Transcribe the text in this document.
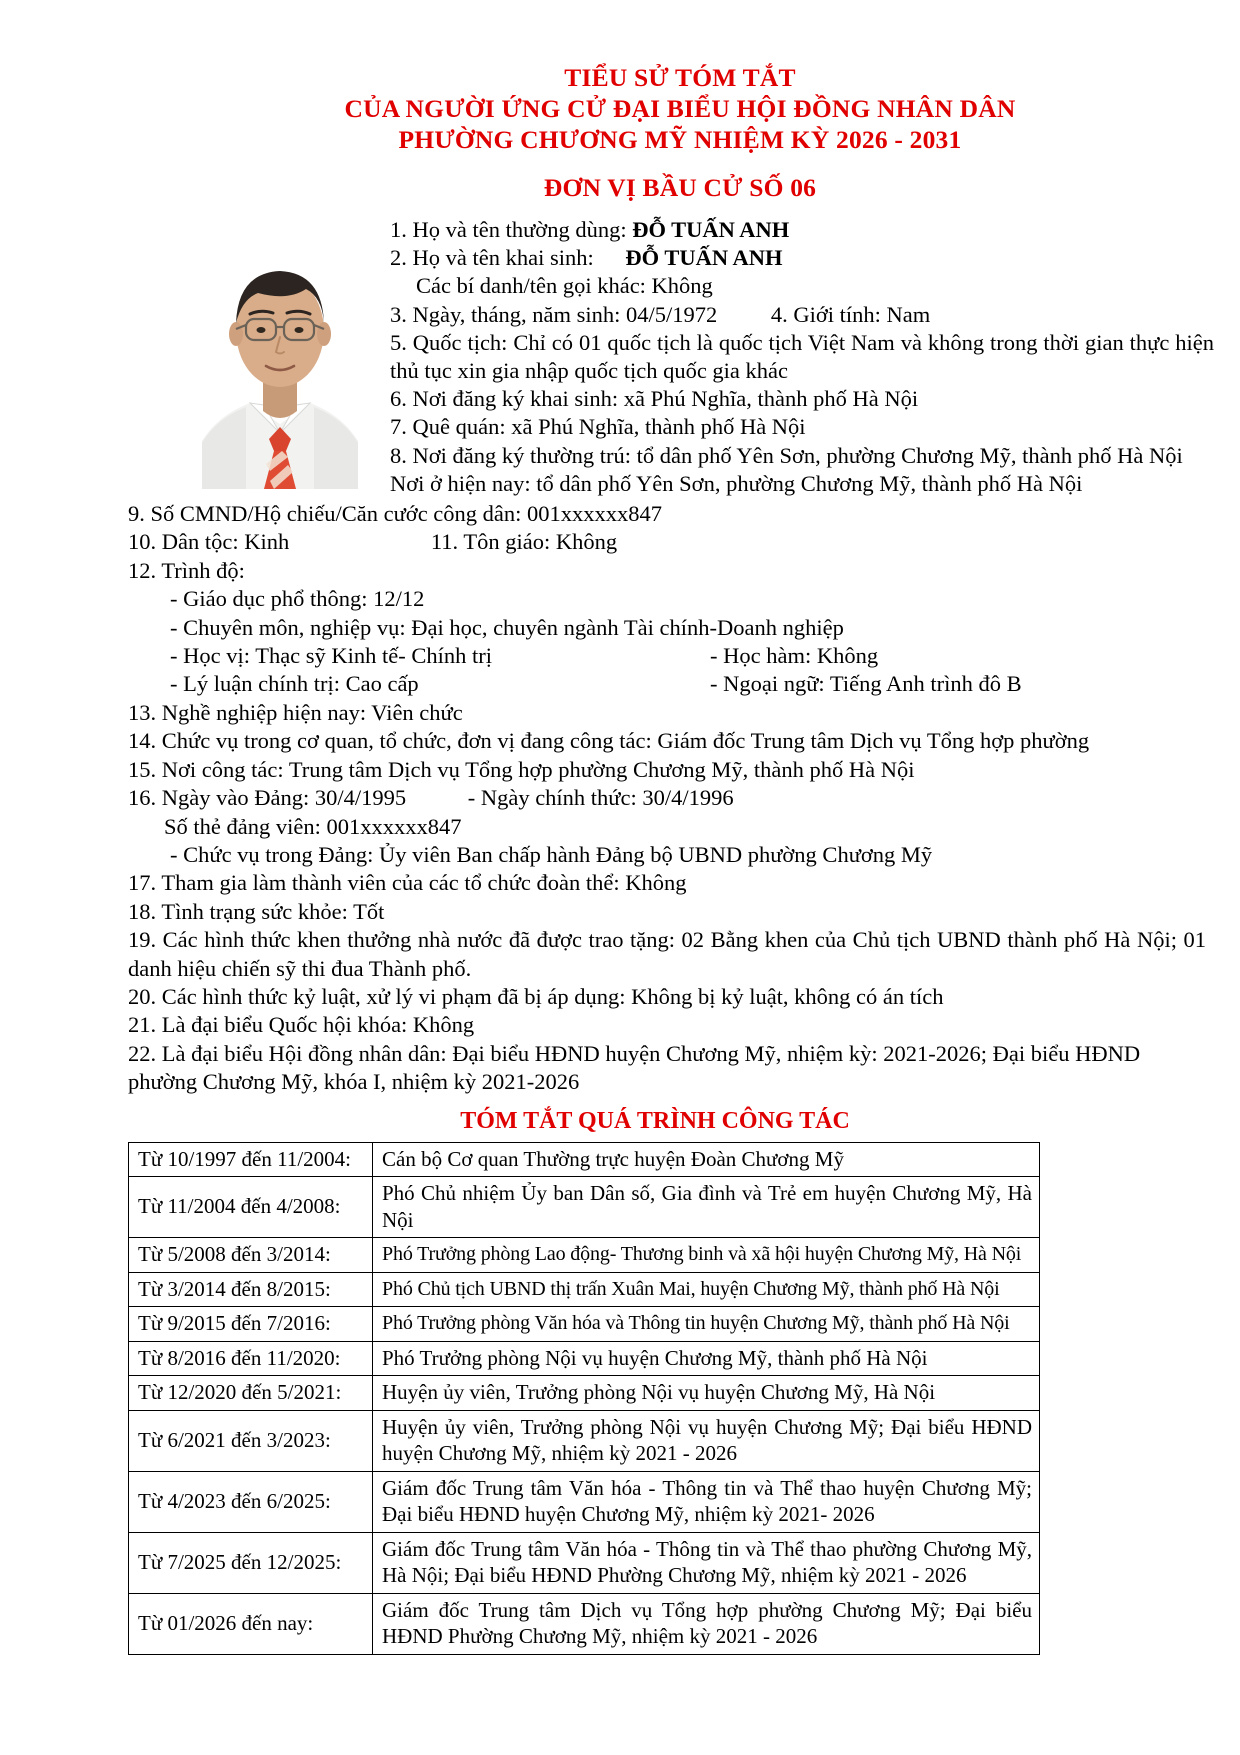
TIỂU SỬ TÓM TẮT
CỦA NGƯỜI ỨNG CỬ ĐẠI BIỂU HỘI ĐỒNG NHÂN DÂN
PHƯỜNG CHƯƠNG MỸ NHIỆM KỲ 2026 - 2031
ĐƠN VỊ BẦU CỬ SỐ 06
1. Họ và tên thường dùng: ĐỖ TUẤN ANH
2. Họ và tên khai sinh: ĐỖ TUẤN ANH
Các bí danh/tên gọi khác: Không
3. Ngày, tháng, năm sinh: 04/5/1972 4. Giới tính: Nam
5. Quốc tịch: Chỉ có 01 quốc tịch là quốc tịch Việt Nam và không trong thời gian thực hiện thủ tục xin gia nhập quốc tịch quốc gia khác
6. Nơi đăng ký khai sinh: xã Phú Nghĩa, thành phố Hà Nội
7. Quê quán: xã Phú Nghĩa, thành phố Hà Nội
8. Nơi đăng ký thường trú: tổ dân phố Yên Sơn, phường Chương Mỹ, thành phố Hà Nội
Nơi ở hiện nay: tổ dân phố Yên Sơn, phường Chương Mỹ, thành phố Hà Nội
9. Số CMND/Hộ chiếu/Căn cước công dân: 001xxxxxx847
10. Dân tộc: Kinh	11. Tôn giáo: Không
12. Trình độ:
- Giáo dục phổ thông: 12/12
- Chuyên môn, nghiệp vụ: Đại học, chuyên ngành Tài chính-Doanh nghiệp
- Học vị: Thạc sỹ Kinh tế- Chính trị	- Học hàm: Không
- Lý luận chính trị: Cao cấp	- Ngoại ngữ: Tiếng Anh trình đô B
13. Nghề nghiệp hiện nay: Viên chức
14. Chức vụ trong cơ quan, tổ chức, đơn vị đang công tác: Giám đốc Trung tâm Dịch vụ Tổng hợp phường
15. Nơi công tác: Trung tâm Dịch vụ Tổng hợp phường Chương Mỹ, thành phố Hà Nội
16. Ngày vào Đảng: 30/4/1995	- Ngày chính thức: 30/4/1996
Số thẻ đảng viên: 001xxxxxx847
- Chức vụ trong Đảng: Ủy viên Ban chấp hành Đảng bộ UBND phường Chương Mỹ
17. Tham gia làm thành viên của các tổ chức đoàn thể: Không
18. Tình trạng sức khỏe: Tốt
19. Các hình thức khen thưởng nhà nước đã được trao tặng: 02 Bằng khen của Chủ tịch UBND thành phố Hà Nội; 01 danh hiệu chiến sỹ thi đua Thành phố.
20. Các hình thức kỷ luật, xử lý vi phạm đã bị áp dụng: Không bị kỷ luật, không có án tích
21. Là đại biểu Quốc hội khóa: Không
22. Là đại biểu Hội đồng nhân dân: Đại biểu HĐND huyện Chương Mỹ, nhiệm kỳ: 2021-2026; Đại biểu HĐND phường Chương Mỹ, khóa I, nhiệm kỳ 2021-2026
TÓM TẮT QUÁ TRÌNH CÔNG TÁC
Từ 10/1997 đến 11/2004:	Cán bộ Cơ quan Thường trực huyện Đoàn Chương Mỹ
Từ 11/2004 đến 4/2008:	Phó Chủ nhiệm Ủy ban Dân số, Gia đình và Trẻ em huyện Chương Mỹ, Hà Nội
Từ 5/2008 đến 3/2014:	Phó Trưởng phòng Lao động- Thương binh và xã hội huyện Chương Mỹ, Hà Nội
Từ 3/2014 đến 8/2015:	Phó Chủ tịch UBND thị trấn Xuân Mai, huyện Chương Mỹ, thành phố Hà Nội
Từ 9/2015 đến 7/2016:	Phó Trưởng phòng Văn hóa và Thông tin huyện Chương Mỹ, thành phố Hà Nội
Từ 8/2016 đến 11/2020:	Phó Trưởng phòng Nội vụ huyện Chương Mỹ, thành phố Hà Nội
Từ 12/2020 đến 5/2021:	Huyện ủy viên, Trưởng phòng Nội vụ huyện Chương Mỹ, Hà Nội
Từ 6/2021 đến 3/2023:	Huyện ủy viên, Trưởng phòng Nội vụ huyện Chương Mỹ; Đại biểu HĐND huyện Chương Mỹ, nhiệm kỳ 2021 - 2026
Từ 4/2023 đến 6/2025:	Giám đốc Trung tâm Văn hóa - Thông tin và Thể thao huyện Chương Mỹ; Đại biểu HĐND huyện Chương Mỹ, nhiệm kỳ 2021- 2026
Từ 7/2025 đến 12/2025:	Giám đốc Trung tâm Văn hóa - Thông tin và Thể thao phường Chương Mỹ, Hà Nội; Đại biểu HĐND Phường Chương Mỹ, nhiệm kỳ 2021 - 2026
Từ 01/2026 đến nay:	Giám đốc Trung tâm Dịch vụ Tổng hợp phường Chương Mỹ; Đại biểu HĐND Phường Chương Mỹ, nhiệm kỳ 2021 - 2026
